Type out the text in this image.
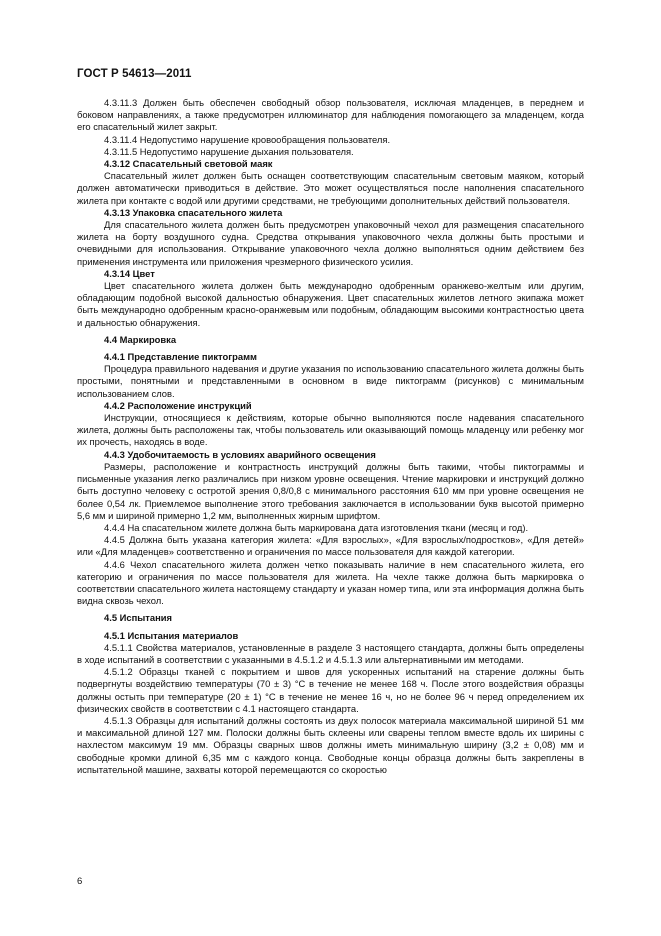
ГОСТ Р 54613—2011

4.3.11.3 Должен быть обеспечен свободный обзор пользователя, исключая младенцев, в переднем и боковом направлениях, а также предусмотрен иллюминатор для наблюдения помогающего за младенцем, когда его спасательный жилет закрыт.

4.3.11.4 Недопустимо нарушение кровообращения пользователя.

4.3.11.5 Недопустимо нарушение дыхания пользователя.

4.3.12 Спасательный световой маяк

Спасательный жилет должен быть оснащен соответствующим спасательным световым маяком, который должен автоматически приводиться в действие. Это может осуществляться после наполнения спасательного жилета при контакте с водой или другими средствами, не требующими дополнительных действий пользователя.

4.3.13 Упаковка спасательного жилета

Для спасательного жилета должен быть предусмотрен упаковочный чехол для размещения спасательного жилета на борту воздушного судна. Средства открывания упаковочного чехла должны быть простыми и очевидными для использования. Открывание упаковочного чехла должно выполняться одним действием без применения инструмента или приложения чрезмерного физического усилия.

4.3.14 Цвет

Цвет спасательного жилета должен быть международно одобренным оранжево-желтым или другим, обладающим подобной высокой дальностью обнаружения. Цвет спасательных жилетов летного экипажа может быть международно одобренным красно-оранжевым или подобным, обладающим высокими контрастностью цвета и дальностью обнаружения.

4.4 Маркировка

4.4.1 Представление пиктограмм

Процедура правильного надевания и другие указания по использованию спасательного жилета должны быть простыми, понятными и представленными в основном в виде пиктограмм (рисунков) с минимальным использованием слов.

4.4.2 Расположение инструкций

Инструкции, относящиеся к действиям, которые обычно выполняются после надевания спасательного жилета, должны быть расположены так, чтобы пользователь или оказывающий помощь младенцу или ребенку мог их прочесть, находясь в воде.

4.4.3 Удобочитаемость в условиях аварийного освещения

Размеры, расположение и контрастность инструкций должны быть такими, чтобы пиктограммы и письменные указания легко различались при низком уровне освещения. Чтение маркировки и инструкций должно быть доступно человеку с остротой зрения 0,8/0,8 с минимального расстояния 610 мм при уровне освещения не более 0,54 лк. Приемлемое выполнение этого требования заключается в использовании букв высотой примерно 5,6 мм и шириной примерно 1,2 мм, выполненных жирным шрифтом.

4.4.4 На спасательном жилете должна быть маркирована дата изготовления ткани (месяц и год).

4.4.5 Должна быть указана категория жилета: «Для взрослых», «Для взрослых/подростков», «Для детей» или «Для младенцев» соответственно и ограничения по массе пользователя для каждой категории.

4.4.6 Чехол спасательного жилета должен четко показывать наличие в нем спасательного жилета, его категорию и ограничения по массе пользователя для жилета. На чехле также должна быть маркировка о соответствии спасательного жилета настоящему стандарту и указан номер типа, или эта информация должна быть видна сквозь чехол.

4.5 Испытания

4.5.1 Испытания материалов

4.5.1.1 Свойства материалов, установленные в разделе 3 настоящего стандарта, должны быть определены в ходе испытаний в соответствии с указанными в 4.5.1.2 и 4.5.1.3 или альтернативными им методами.

4.5.1.2 Образцы тканей с покрытием и швов для ускоренных испытаний на старение должны быть подвергнуты воздействию температуры (70 ± 3) °С в течение не менее 168 ч. После этого воздействия образцы должны остыть при температуре (20 ± 1) °С в течение не менее 16 ч, но не более 96 ч перед определением их физических свойств в соответствии с 4.1 настоящего стандарта.

4.5.1.3 Образцы для испытаний должны состоять из двух полосок материала максимальной шириной 51 мм и максимальной длиной 127 мм. Полоски должны быть склеены или сварены теплом вместе вдоль их ширины с нахлестом максимум 19 мм. Образцы сварных швов должны иметь минимальную ширину (3,2 ± 0,08) мм и свободные кромки длиной 6,35 мм с каждого конца. Свободные концы образца должны быть закреплены в испытательной машине, захваты которой перемещаются со скоростью

6
